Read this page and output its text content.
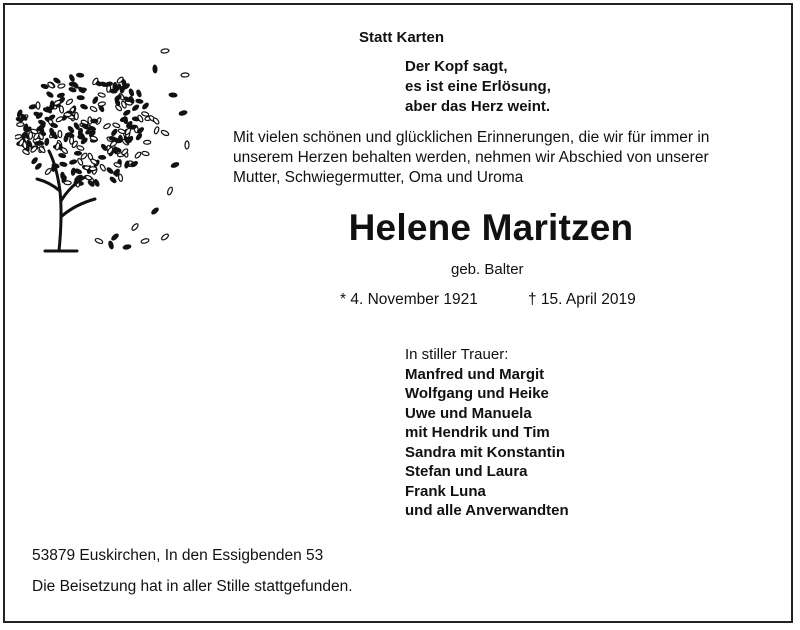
Statt Karten
Der Kopf sagt,
es ist eine Erlösung,
aber das Herz weint.
Mit vielen schönen und glücklichen Erinnerungen, die wir für immer in
unserem Herzen behalten werden, nehmen wir Abschied von unserer
Mutter, Schwiegermutter, Oma und Uroma
Helene Maritzen
geb. Balter
* 4. November 1921	† 15. April 2019
In stiller Trauer:
Manfred und Margit
Wolfgang und Heike
Uwe und Manuela
mit Hendrik und Tim
Sandra mit Konstantin
Stefan und Laura
Frank Luna
und alle Anverwandten
53879 Euskirchen, In den Essigbenden 53
Die Beisetzung hat in aller Stille stattgefunden.
